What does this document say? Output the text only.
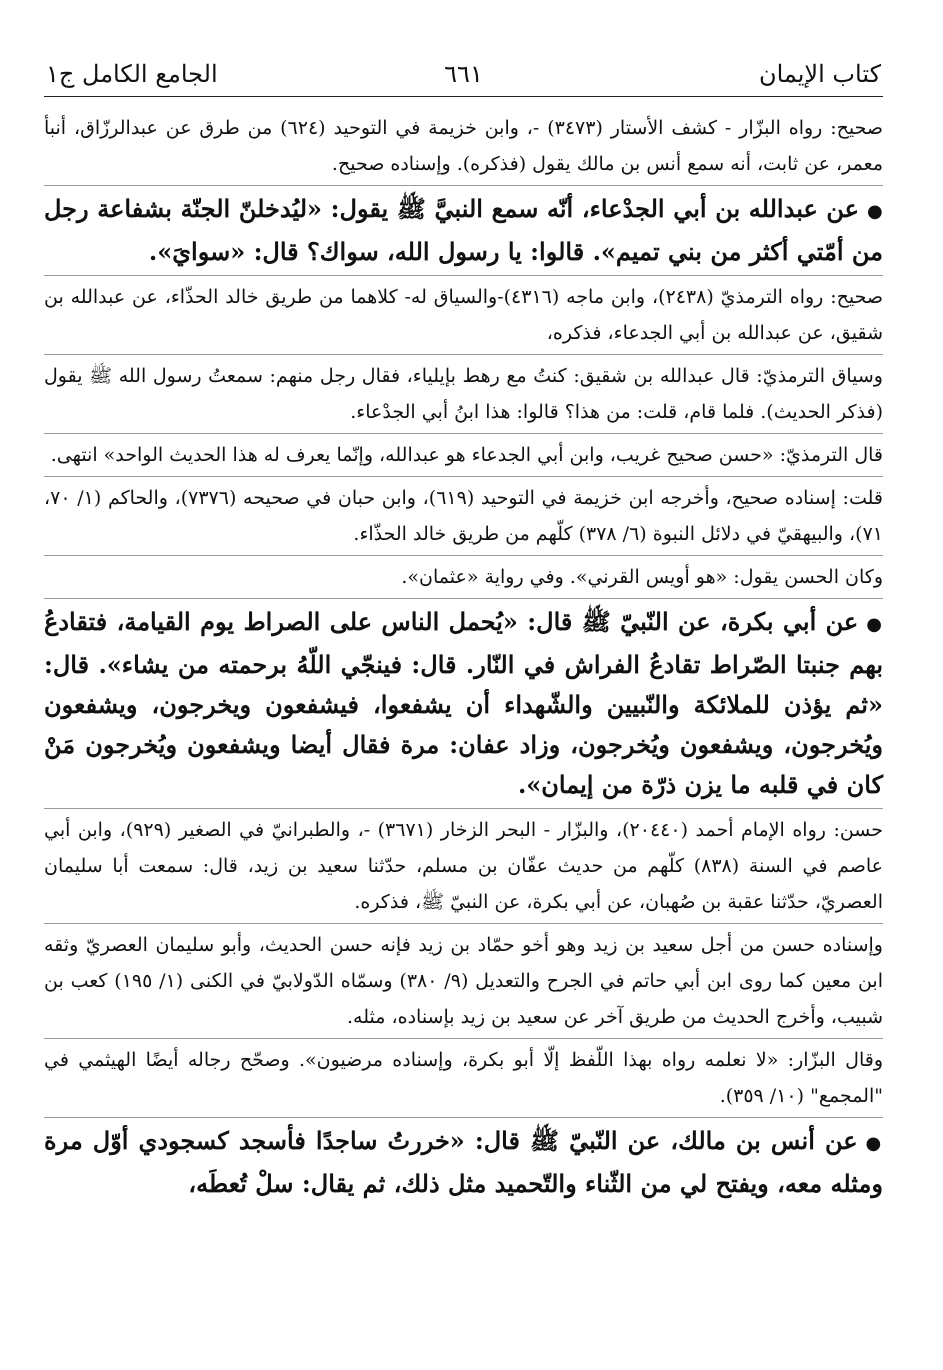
كتاب الإيمان
٦٦١
الجامع الكامل ج١

صحيح: رواه البزّار - كشف الأستار (٣٤٧٣) -، وابن خزيمة في التوحيد (٦٢٤) من طرق عن عبدالرزّاق، أنبأ معمر، عن ثابت، أنه سمع أنس بن مالك يقول (فذكره). وإسناده صحيح.

●عن عبدالله بن أبي الجدْعاء، أنّه سمع النبيَّ ﷺ يقول: «ليُدخلنّ الجنّة بشفاعة رجل من أمّتي أكثر من بني تميم». قالوا: يا رسول الله، سواك؟ قال: «سوايَ».

صحيح: رواه الترمذيّ (٢٤٣٨)، وابن ماجه (٤٣١٦)-والسياق له- كلاهما من طريق خالد الحذّاء، عن عبدالله بن شقيق، عن عبدالله بن أبي الجدعاء، فذكره،

وسياق الترمذيّ: قال عبدالله بن شقيق: كنتُ مع رهط بإيلياء، فقال رجل منهم: سمعتُ رسول الله ﷺ يقول (فذكر الحديث). فلما قام، قلت: من هذا؟ قالوا: هذا ابنُ أبي الجدْعاء.

قال الترمذيّ: «حسن صحيح غريب، وابن أبي الجدعاء هو عبدالله، وإنّما يعرف له هذا الحديث الواحد» انتهى.

قلت: إسناده صحيح، وأخرجه ابن خزيمة في التوحيد (٦١٩)، وابن حبان في صحيحه (٧٣٧٦)، والحاكم (١/ ٧٠، ٧١)، والبيهقيّ في دلائل النبوة (٦/ ٣٧٨) كلّهم من طريق خالد الحذّاء.

وكان الحسن يقول: «هو أويس القرني». وفي رواية «عثمان».

●عن أبي بكرة، عن النّبيّ ﷺ قال: «يُحمل الناس على الصراط يوم القيامة، فتقادعُ بهم جنبتا الصّراط تقادعُ الفراش في النّار. قال: فينجّي اللّهُ برحمته من يشاء». قال: «ثم يؤذن للملائكة والنّبيين والشّهداء أن يشفعوا، فيشفعون ويخرجون، ويشفعون ويُخرجون، ويشفعون ويُخرجون، وزاد عفان: مرة فقال أيضا ويشفعون ويُخرجون مَنْ كان في قلبه ما يزن ذرّة من إيمان».

حسن: رواه الإمام أحمد (٢٠٤٤٠)، والبزّار - البحر الزخار (٣٦٧١) -، والطبرانيّ في الصغير (٩٢٩)، وابن أبي عاصم في السنة (٨٣٨) كلّهم من حديث عفّان بن مسلم، حدّثنا سعيد بن زيد، قال: سمعت أبا سليمان العصريّ، حدّثنا عقبة بن صُهبان، عن أبي بكرة، عن النبيّ ﷺ، فذكره.

وإسناده حسن من أجل سعيد بن زيد وهو أخو حمّاد بن زيد فإنه حسن الحديث، وأبو سليمان العصريّ وثقه ابن معين كما روى ابن أبي حاتم في الجرح والتعديل (٩/ ٣٨٠) وسمّاه الدّولابيّ في الكنى (١/ ١٩٥) كعب بن شبيب، وأخرج الحديث من طريق آخر عن سعيد بن زيد بإسناده، مثله.

وقال البزّار: «لا نعلمه رواه بهذا اللّفظ إلّا أبو بكرة، وإسناده مرضيون». وصحّح رجاله أيضًا الهيثمي في "المجمع" (١٠/ ٣٥٩).

●عن أنس بن مالك، عن النّبيّ ﷺ قال: «خررتُ ساجدًا فأسجد كسجودي أوّل مرة ومثله معه، ويفتح لي من الثّناء والتّحميد مثل ذلك، ثم يقال: سلْ تُعطَه،
